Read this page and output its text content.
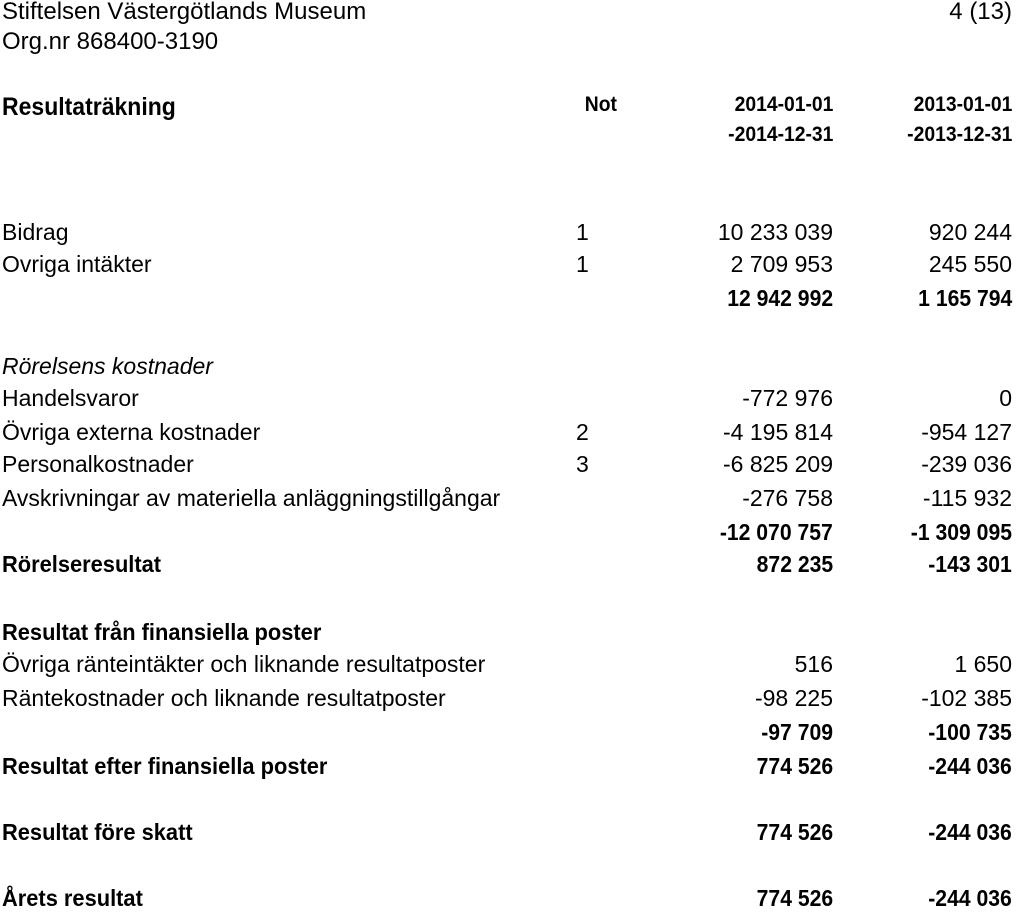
Stiftelsen Västergötlands Museum
Org.nr 868400-3190
4 (13)
Resultaträkning	Not	2014-01-01
-2014-12-31
2013-01-01
-2013-12-31
Bidrag	1	10 233 039	920 244
Ovriga intäkter	1	2 709 953	245 550
12 942 992	1 165 794
Rörelsens kostnader
Handelsvaror	-772 976	0
Övriga externa kostnader	2	-4 195 814	-954 127
Personalkostnader	3	-6 825 209	-239 036
Avskrivningar av materiella anläggningstillgångar	-276 758	-115 932
-12 070 757	-1 309 095
Rörelseresultat	872 235	-143 301
Resultat från finansiella poster
Övriga ränteintäkter och liknande resultatposter	516	1 650
Räntekostnader och liknande resultatposter	-98 225	-102 385
-97 709	-100 735
Resultat efter finansiella poster	774 526	-244 036
Resultat före skatt	774 526	-244 036
Årets resultat	774 526	-244 036
